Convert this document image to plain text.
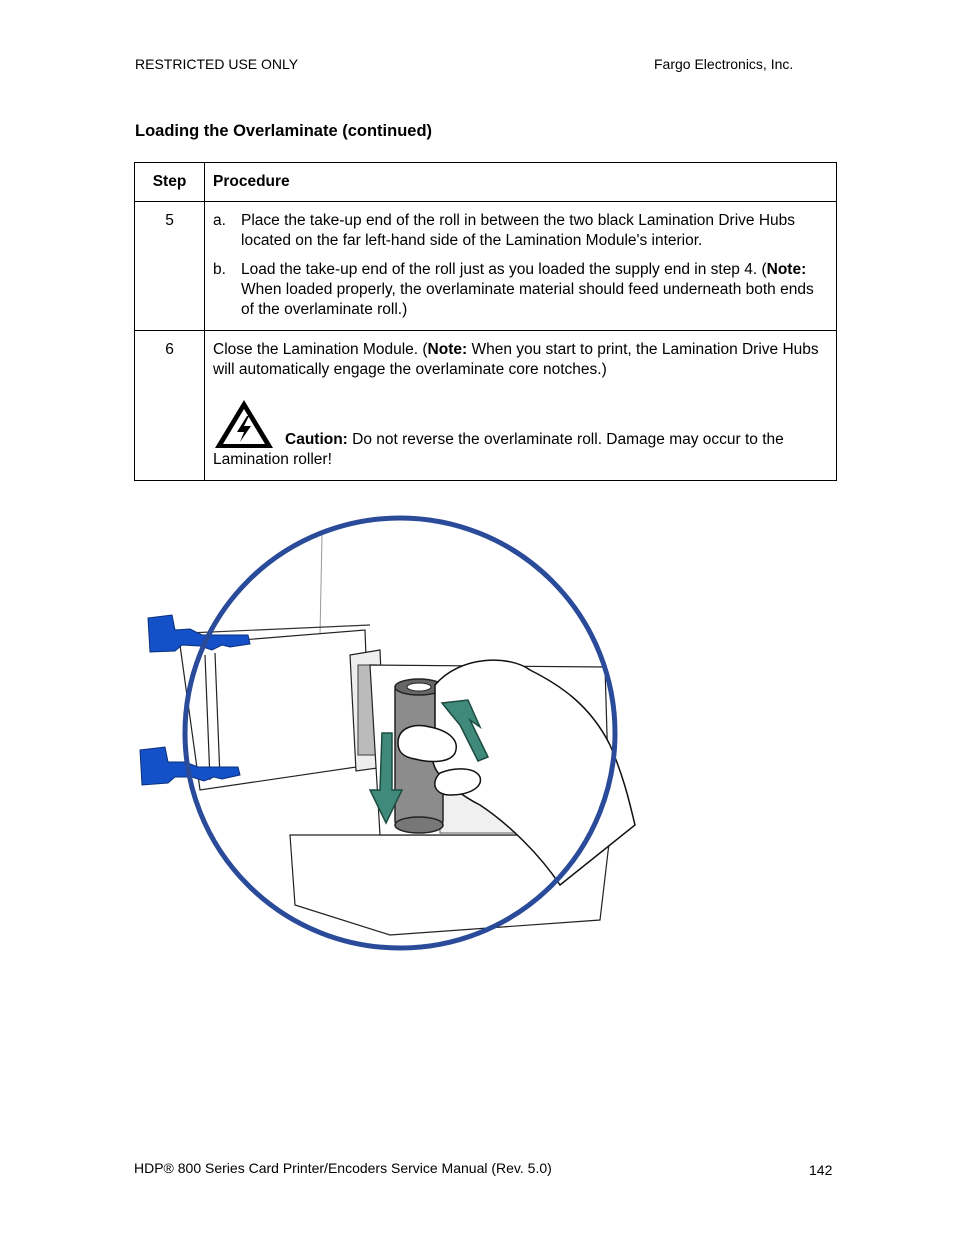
RESTRICTED USE ONLY	Fargo Electronics, Inc.
Loading the Overlaminate (continued)
Step	Procedure
5	a. Place the take-up end of the roll in between the two black Lamination Drive Hubs located on the far left-hand side of the Lamination Module's interior.
b. Load the take-up end of the roll just as you loaded the supply end in step 4. (Note: When loaded properly, the overlaminate material should feed underneath both ends of the overlaminate roll.)

6	Close the Lamination Module. (Note: When you start to print, the Lamination Drive Hubs will automatically engage the overlaminate core notches.)
Caution: Do not reverse the overlaminate roll. Damage may occur to the Lamination roller!
HDP® 800 Series Card Printer/Encoders Service Manual (Rev. 5.0)	142
